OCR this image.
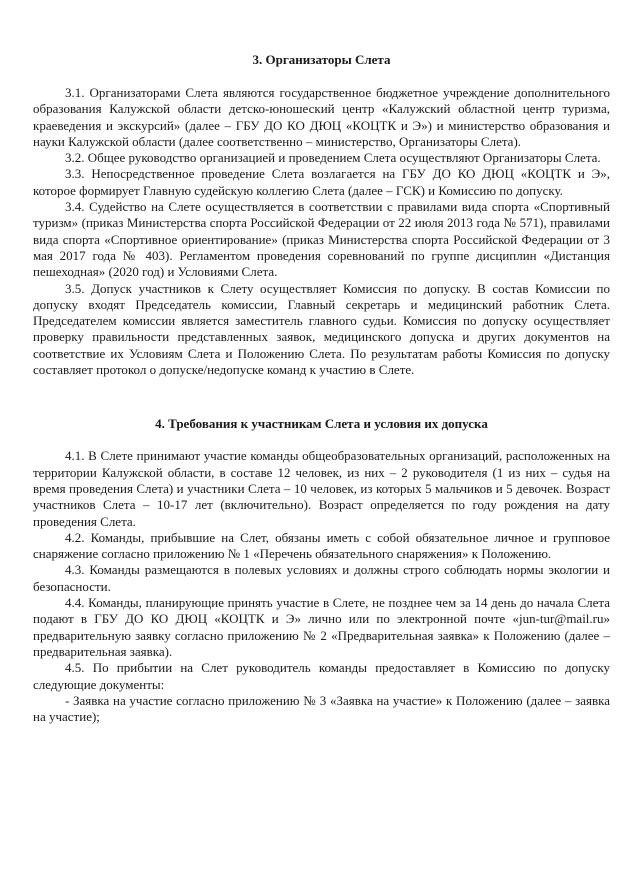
3. Организаторы Слета

3.1. Организаторами Слета являются государственное бюджетное учреждение дополнительного образования Калужской области детско-юношеский центр «Калужский областной центр туризма, краеведения и экскурсий» (далее – ГБУ ДО КО ДЮЦ «КОЦТК и Э») и министерство образования и науки Калужской области (далее соответственно – министерство, Организаторы Слета).

3.2. Общее руководство организацией и проведением Слета осуществляют Организаторы Слета.

3.3. Непосредственное проведение Слета возлагается на ГБУ ДО КО ДЮЦ «КОЦТК и Э», которое формирует Главную судейскую коллегию Слета (далее – ГСК) и Комиссию по допуску.

3.4. Судейство на Слете осуществляется в соответствии с правилами вида спорта «Спортивный туризм» (приказ Министерства спорта Российской Федерации от 22 июля 2013 года № 571), правилами вида спорта «Спортивное ориентирование» (приказ Министерства спорта Российской Федерации от 3 мая 2017 года № 403). Регламентом проведения соревнований по группе дисциплин «Дистанция пешеходная» (2020 год) и Условиями Слета.

3.5. Допуск участников к Слету осуществляет Комиссия по допуску. В состав Комиссии по допуску входят Председатель комиссии, Главный секретарь и медицинский работник Слета. Председателем комиссии является заместитель главного судьи. Комиссия по допуску осуществляет проверку правильности представленных заявок, медицинского допуска и других документов на соответствие их Условиям Слета и Положению Слета. По результатам работы Комиссия по допуску составляет протокол о допуске/недопуске команд к участию в Слете.

4. Требования к участникам Слета и условия их допуска

4.1. В Слете принимают участие команды общеобразовательных организаций, расположенных на территории Калужской области, в составе 12 человек, из них – 2 руководителя (1 из них – судья на время проведения Слета) и участники Слета – 10 человек, из которых 5 мальчиков и 5 девочек. Возраст участников Слета – 10-17 лет (включительно). Возраст определяется по году рождения на дату проведения Слета.

4.2. Команды, прибывшие на Слет, обязаны иметь с собой обязательное личное и групповое снаряжение согласно приложению № 1 «Перечень обязательного снаряжения» к Положению.

4.3. Команды размещаются в полевых условиях и должны строго соблюдать нормы экологии и безопасности.

4.4. Команды, планирующие принять участие в Слете, не позднее чем за 14 день до начала Слета подают в ГБУ ДО КО ДЮЦ «КОЦТК и Э» лично или по электронной почте «jun-tur@mail.ru» предварительную заявку согласно приложению № 2 «Предварительная заявка» к Положению (далее – предварительная заявка).

4.5. По прибытии на Слет руководитель команды предоставляет в Комиссию по допуску следующие документы:

- Заявка на участие согласно приложению № 3 «Заявка на участие» к Положению (далее – заявка на участие);
